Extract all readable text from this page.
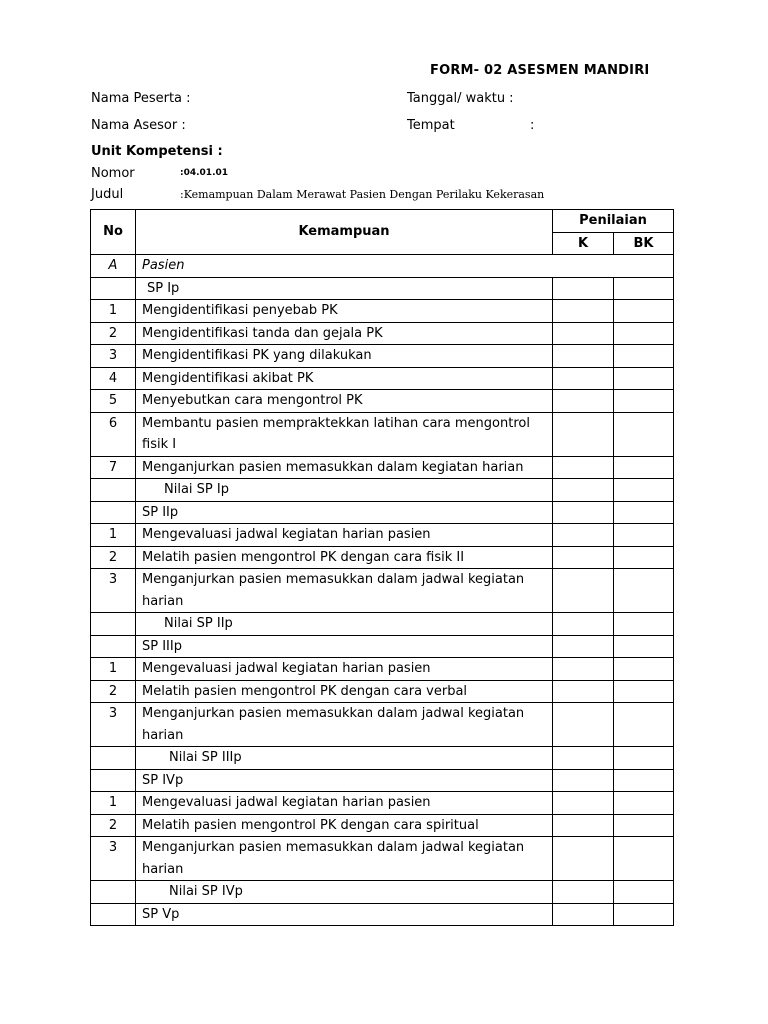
FORM- 02 ASESMEN MANDIRI
Nama Peserta :	Tanggal/ waktu :
Nama Asesor :	Tempat	:
Unit Kompetensi :
Nomor	:04.01.01
Judul	:Kemampuan Dalam Merawat Pasien Dengan Perilaku Kekerasan
No	Kemampuan	Penilaian	
		K	BK
A	Pasien		
	SP Ip		
1	Mengidentifikasi penyebab PK		
2	Mengidentifikasi tanda dan gejala PK		
3	Mengidentifikasi PK yang dilakukan		
4	Mengidentifikasi akibat PK		
5	Menyebutkan cara mengontrol PK		
6	Membantu pasien mempraktekkan latihan cara mengontrol fisik I		
7	Menganjurkan pasien memasukkan dalam kegiatan harian		
	Nilai SP Ip		
	SP IIp		
1	Mengevaluasi jadwal kegiatan harian pasien		
2	Melatih pasien mengontrol PK dengan cara fisik II		
3	Menganjurkan pasien memasukkan dalam jadwal kegiatan harian		
	Nilai SP IIp		
	SP IIIp		
1	Mengevaluasi jadwal kegiatan harian pasien		
2	Melatih pasien mengontrol PK dengan cara verbal		
3	Menganjurkan pasien memasukkan dalam jadwal kegiatan harian		
	Nilai SP IIIp		
	SP IVp		
1	Mengevaluasi jadwal kegiatan harian pasien		
2	Melatih pasien mengontrol PK dengan cara spiritual		
3	Menganjurkan pasien memasukkan dalam jadwal kegiatan harian		
	Nilai SP IVp		
	SP Vp		
